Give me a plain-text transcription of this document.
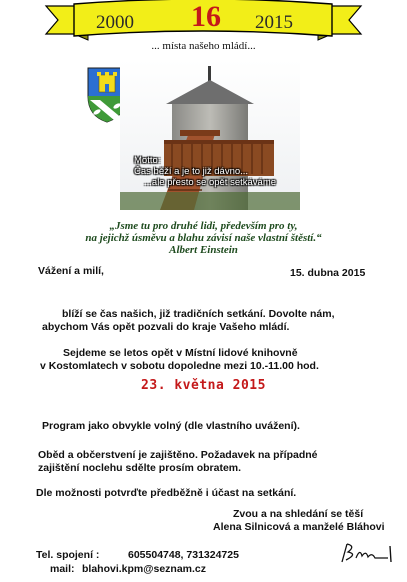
2000	16	2015
... místa našeho mládí...
Motto:
Čas běží a je to již dávno...
...ale přesto se opět setkáváme
„Jsme tu pro druhé lidi, především pro ty,
na jejichž úsměvu a blahu závisí naše vlastní štěstí.“
Albert Einstein
Vážení a milí,	15. dubna 2015
blíží se čas našich, již tradičních setkání. Dovolte nám,
abychom Vás opět pozvali do kraje Vašeho mládí.
Sejdeme se letos opět v Místní lidové knihovně
v Kostomlatech v sobotu dopoledne mezi 10.-11.00 hod.
23. května 2015
Program jako obvykle volný (dle vlastního uvážení).
Oběd a občerstvení je zajištěno. Požadavek na případné
zajištění noclehu sdělte prosím obratem.
Dle možnosti potvrďte předběžně i účast na setkání.
Zvou a na shledání se těší
Alena Silnicová a manželé Bláhovi
Tel. spojení :	605504748, 731324725
mail: blahovi.kpm@seznam.cz
